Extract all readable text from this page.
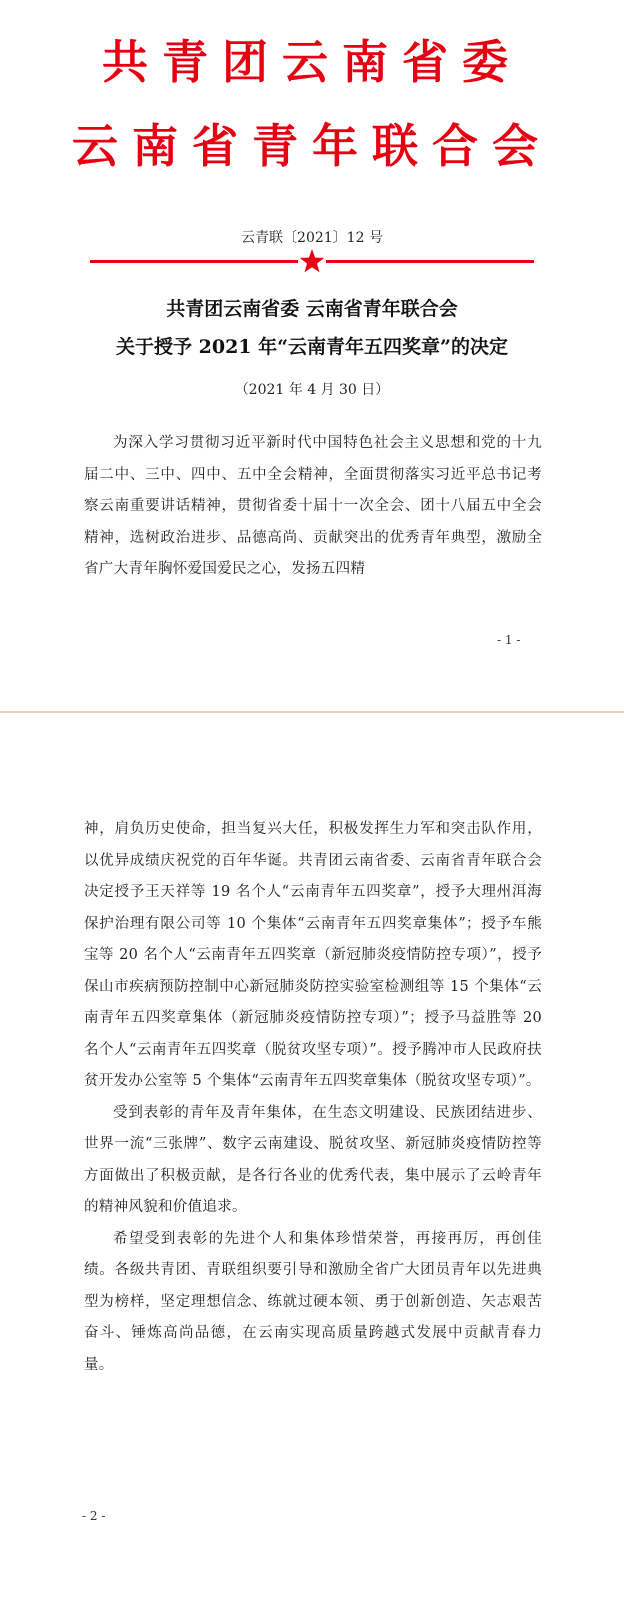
共青团云南省委
云南省青年联合会
云青联〔2021〕12 号
共青团云南省委 云南省青年联合会
关于授予 2021 年“云南青年五四奖章”的决定
（2021 年 4 月 30 日）

为深入学习贯彻习近平新时代中国特色社会主义思想和党的十九届二中、三中、四中、五中全会精神，全面贯彻落实习近平总书记考察云南重要讲话精神，贯彻省委十届十一次全会、团十八届五中全会精神，选树政治进步、品德高尚、贡献突出的优秀青年典型，激励全省广大青年胸怀爱国爱民之心，发扬五四精

- 1 -

神，肩负历史使命，担当复兴大任，积极发挥生力军和突击队作用，以优异成绩庆祝党的百年华诞。共青团云南省委、云南省青年联合会决定授予王天祥等 19 名个人“云南青年五四奖章”，授予大理州洱海保护治理有限公司等 10 个集体“云南青年五四奖章集体”；授予车熊宝等 20 名个人“云南青年五四奖章（新冠肺炎疫情防控专项）”，授予保山市疾病预防控制中心新冠肺炎防控实验室检测组等 15 个集体“云南青年五四奖章集体（新冠肺炎疫情防控专项）”；授予马益胜等 20 名个人“云南青年五四奖章（脱贫攻坚专项）”。授予腾冲市人民政府扶贫开发办公室等 5 个集体“云南青年五四奖章集体（脱贫攻坚专项）”。

受到表彰的青年及青年集体，在生态文明建设、民族团结进步、世界一流“三张牌”、数字云南建设、脱贫攻坚、新冠肺炎疫情防控等方面做出了积极贡献，是各行各业的优秀代表，集中展示了云岭青年的精神风貌和价值追求。

希望受到表彰的先进个人和集体珍惜荣誉，再接再厉，再创佳绩。各级共青团、青联组织要引导和激励全省广大团员青年以先进典型为榜样，坚定理想信念、练就过硬本领、勇于创新创造、矢志艰苦奋斗、锤炼高尚品德，在云南实现高质量跨越式发展中贡献青春力量。

- 2 -
